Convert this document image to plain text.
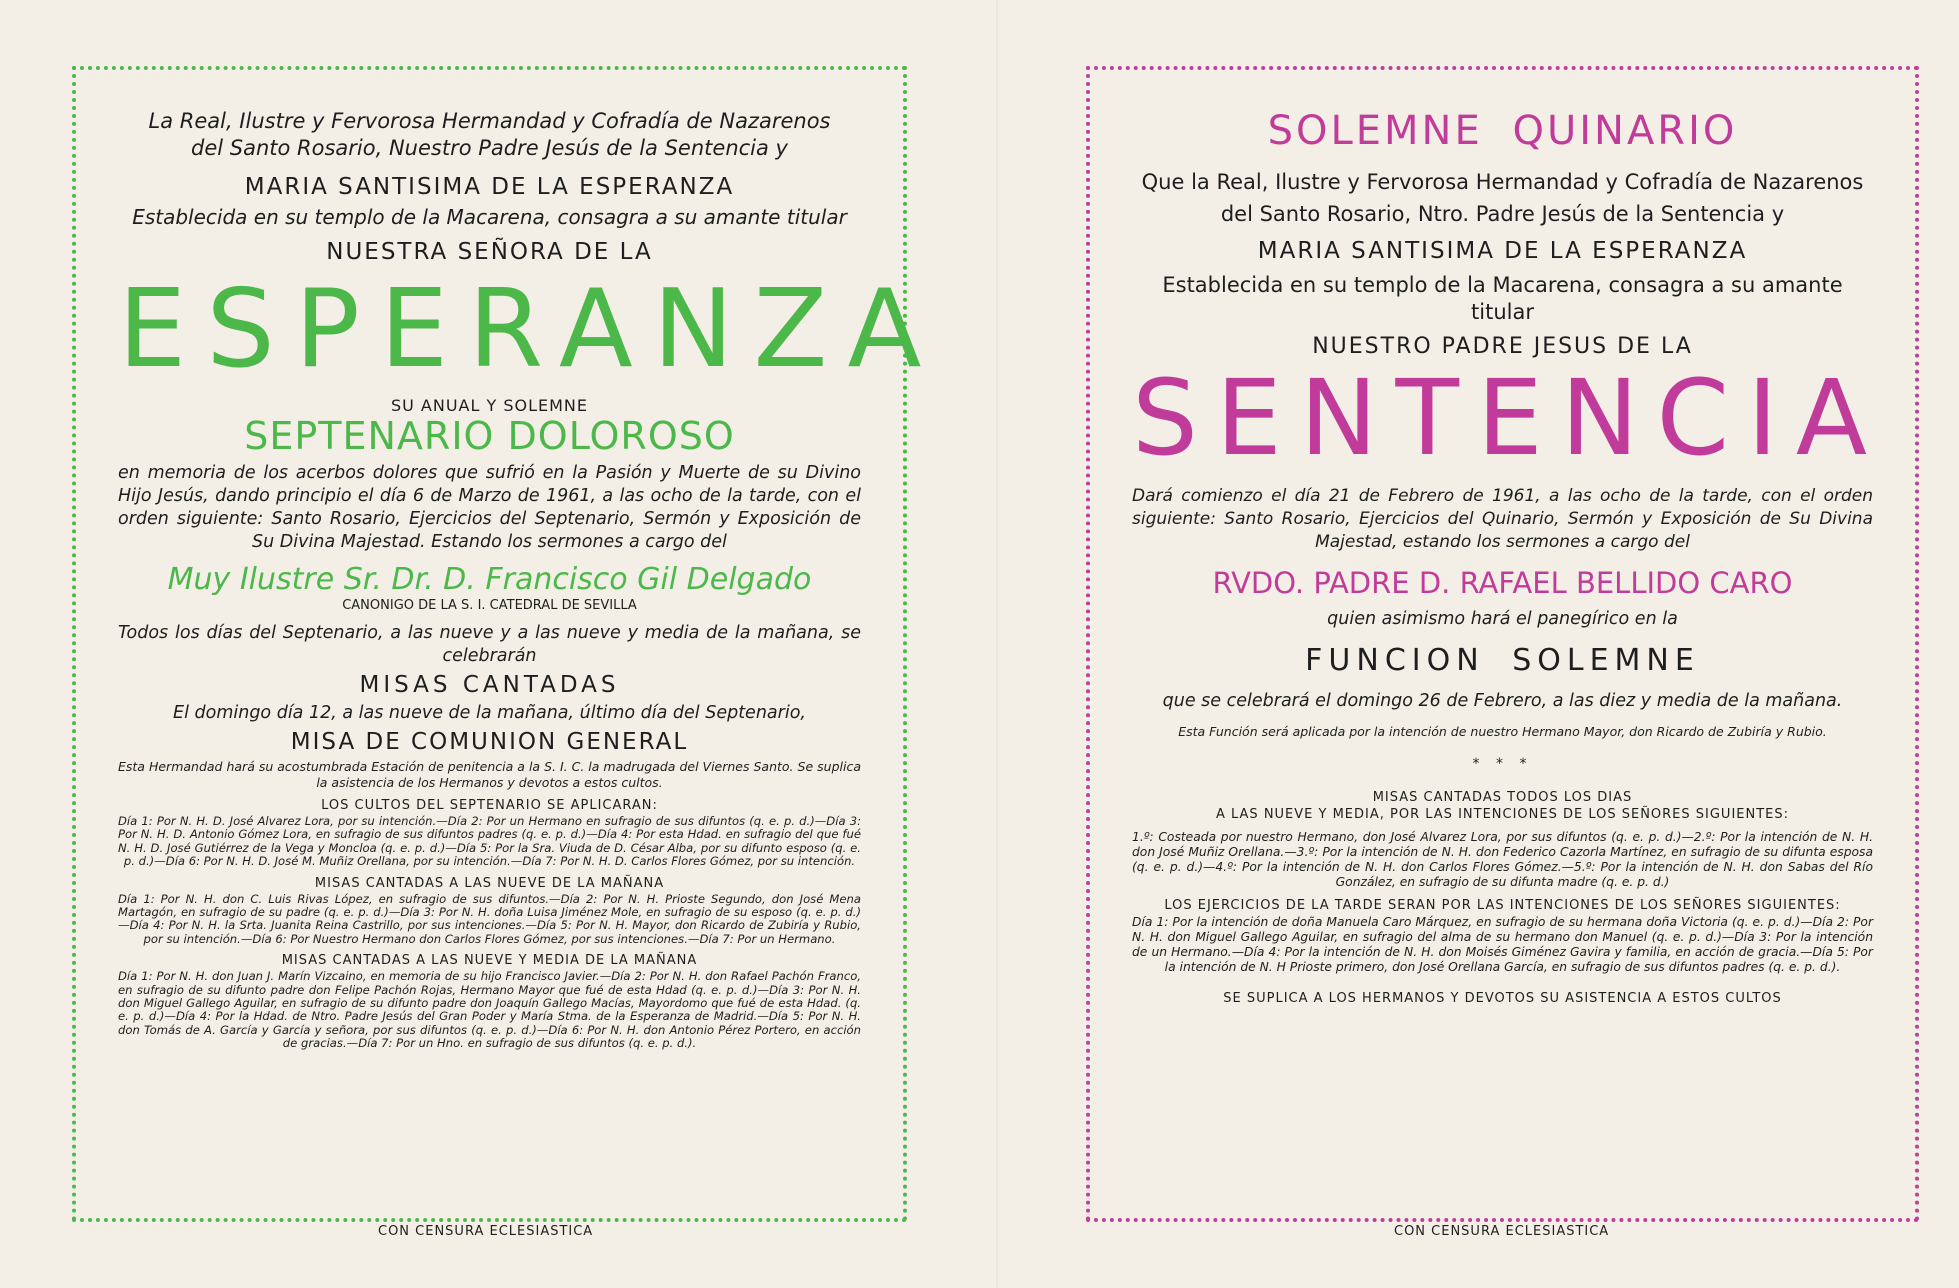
La Real, Ilustre y Fervorosa Hermandad y Cofradía de Nazarenos del Santo Rosario, Nuestro Padre Jesús de la Sentencia y

MARIA SANTISIMA DE LA ESPERANZA

Establecida en su templo de la Macarena, consagra a su amante titular

NUESTRA SEÑORA DE LA

ESPERANZA

SU ANUAL Y SOLEMNE

SEPTENARIO DOLOROSO

en memoria de los acerbos dolores que sufrió en la Pasión y Muerte de su Divino Hijo Jesús, dando principio el día 6 de Marzo de 1961, a las ocho de la tarde, con el orden siguiente: Santo Rosario, Ejercicios del Septenario, Sermón y Exposición de Su Divina Majestad. Estando los sermones a cargo del

Muy Ilustre Sr. Dr. D. Francisco Gil Delgado

CANONIGO DE LA S. I. CATEDRAL DE SEVILLA

Todos los días del Septenario, a las nueve y a las nueve y media de la mañana, se celebrarán

MISAS CANTADAS

El domingo día 12, a las nueve de la mañana, último día del Septenario,

MISA DE COMUNION GENERAL

Esta Hermandad hará su acostumbrada Estación de penitencia a la S. I. C. la madrugada del Viernes Santo. Se suplica la asistencia de los Hermanos y devotos a estos cultos.

LOS CULTOS DEL SEPTENARIO SE APLICARAN:

Día 1: Por N. H. D. José Alvarez Lora, por su intención.—Día 2: Por un Hermano en sufragio de sus difuntos (q. e. p. d.)—Día 3: Por N. H. D. Antonio Gómez Lora, en sufragio de sus difuntos padres (q. e. p. d.)—Día 4: Por esta Hdad. en sufragio del que fué N. H. D. José Gutiérrez de la Vega y Moncloa (q. e. p. d.)—Día 5: Por la Sra. Viuda de D. César Alba, por su difunto esposo (q. e. p. d.)—Día 6: Por N. H. D. José M. Muñiz Orellana, por su intención.—Día 7: Por N. H. D. Carlos Flores Gómez, por su intención.

MISAS CANTADAS A LAS NUEVE DE LA MAÑANA

Día 1: Por N. H. don C. Luis Rivas López, en sufragio de sus difuntos.—Día 2: Por N. H. Prioste Segundo, don José Mena Martagón, en sufragio de su padre (q. e. p. d.)—Día 3: Por N. H. doña Luisa Jiménez Mole, en sufragio de su esposo (q. e. p. d.)—Día 4: Por N. H. la Srta. Juanita Reina Castrillo, por sus intenciones.—Día 5: Por N. H. Mayor, don Ricardo de Zubiría y Rubio, por su intención.—Día 6: Por Nuestro Hermano don Carlos Flores Gómez, por sus intenciones.—Día 7: Por un Hermano.

MISAS CANTADAS A LAS NUEVE Y MEDIA DE LA MAÑANA

Día 1: Por N. H. don Juan J. Marín Vizcaino, en memoria de su hijo Francisco Javier.—Día 2: Por N. H. don Rafael Pachón Franco, en sufragio de su difunto padre don Felipe Pachón Rojas, Hermano Mayor que fué de esta Hdad (q. e. p. d.)—Día 3: Por N. H. don Miguel Gallego Aguilar, en sufragio de su difunto padre don Joaquín Gallego Macías, Mayordomo que fué de esta Hdad. (q. e. p. d.)—Día 4: Por la Hdad. de Ntro. Padre Jesús del Gran Poder y María Stma. de la Esperanza de Madrid.—Día 5: Por N. H. don Tomás de A. García y García y señora, por sus difuntos (q. e. p. d.)—Día 6: Por N. H. don Antonio Pérez Portero, en acción de gracias.—Día 7: Por un Hno. en sufragio de sus difuntos (q. e. p. d.).

CON CENSURA ECLESIASTICA

SOLEMNE QUINARIO

Que la Real, Ilustre y Fervorosa Hermandad y Cofradía de Nazarenos del Santo Rosario, Ntro. Padre Jesús de la Sentencia y

MARIA SANTISIMA DE LA ESPERANZA

Establecida en su templo de la Macarena, consagra a su amante titular

NUESTRO PADRE JESUS DE LA

SENTENCIA

Dará comienzo el día 21 de Febrero de 1961, a las ocho de la tarde, con el orden siguiente: Santo Rosario, Ejercicios del Quinario, Sermón y Exposición de Su Divina Majestad, estando los sermones a cargo del

RVDO. PADRE D. RAFAEL BELLIDO CARO

quien asimismo hará el panegírico en la

FUNCION SOLEMNE

que se celebrará el domingo 26 de Febrero, a las diez y media de la mañana.

Esta Función será aplicada por la intención de nuestro Hermano Mayor, don Ricardo de Zubiría y Rubio.

* * *

MISAS CANTADAS TODOS LOS DIAS

A LAS NUEVE Y MEDIA, POR LAS INTENCIONES DE LOS SEÑORES SIGUIENTES:

1.º: Costeada por nuestro Hermano, don José Alvarez Lora, por sus difuntos (q. e. p. d.)—2.º: Por la intención de N. H. don José Muñiz Orellana.—3.º: Por la intención de N. H. don Federico Cazorla Martínez, en sufragio de su difunta esposa (q. e. p. d.)—4.º: Por la intención de N. H. don Carlos Flores Gómez.—5.º: Por la intención de N. H. don Sabas del Río González, en sufragio de su difunta madre (q. e. p. d.)

LOS EJERCICIOS DE LA TARDE SERAN POR LAS INTENCIONES DE LOS SEÑORES SIGUIENTES:

Día 1: Por la intención de doña Manuela Caro Márquez, en sufragio de su hermana doña Victoria (q. e. p. d.)—Día 2: Por N. H. don Miguel Gallego Aguilar, en sufragio del alma de su hermano don Manuel (q. e. p. d.)—Día 3: Por la intención de un Hermano.—Día 4: Por la intención de N. H. don Moisés Giménez Gavira y familia, en acción de gracia.—Día 5: Por la intención de N. H Prioste primero, don José Orellana García, en sufragio de sus difuntos padres (q. e. p. d.).

SE SUPLICA A LOS HERMANOS Y DEVOTOS SU ASISTENCIA A ESTOS CULTOS

CON CENSURA ECLESIASTICA
